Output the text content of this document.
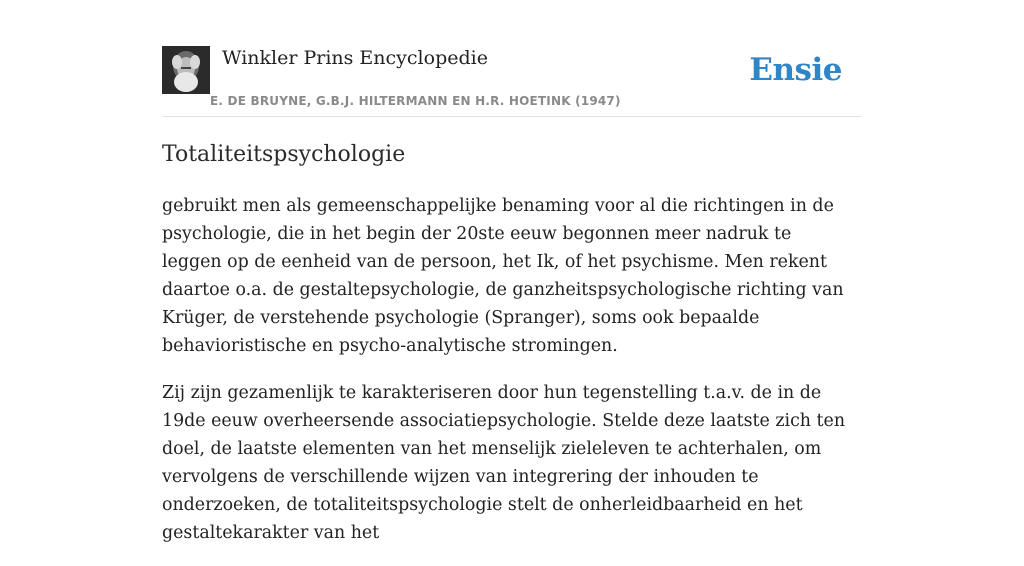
Winkler Prins Encyclopedie
E. DE BRUYNE, G.B.J. HILTERMANN EN H.R. HOETINK (1947)
Ensie
Totaliteitspsychologie

gebruikt men als gemeenschappelijke benaming voor al die richtingen in de psychologie, die in het begin der 20ste eeuw begonnen meer nadruk te leggen op de eenheid van de persoon, het Ik, of het psychisme. Men rekent daartoe o.a. de gestaltepsychologie, de ganzheitspsychologische richting van Krüger, de verstehende psychologie (Spranger), soms ook bepaalde behavioristische en psycho-analytische stromingen.

Zij zijn gezamenlijk te karakteriseren door hun tegenstelling t.a.v. de in de 19de eeuw overheersende associatiepsychologie. Stelde deze laatste zich ten doel, de laatste elementen van het menselijk zieleleven te achterhalen, om vervolgens de verschillende wijzen van integrering der inhouden te onderzoeken, de totaliteitspsychologie stelt de onherleidbaarheid en het gestaltekarakter van het
